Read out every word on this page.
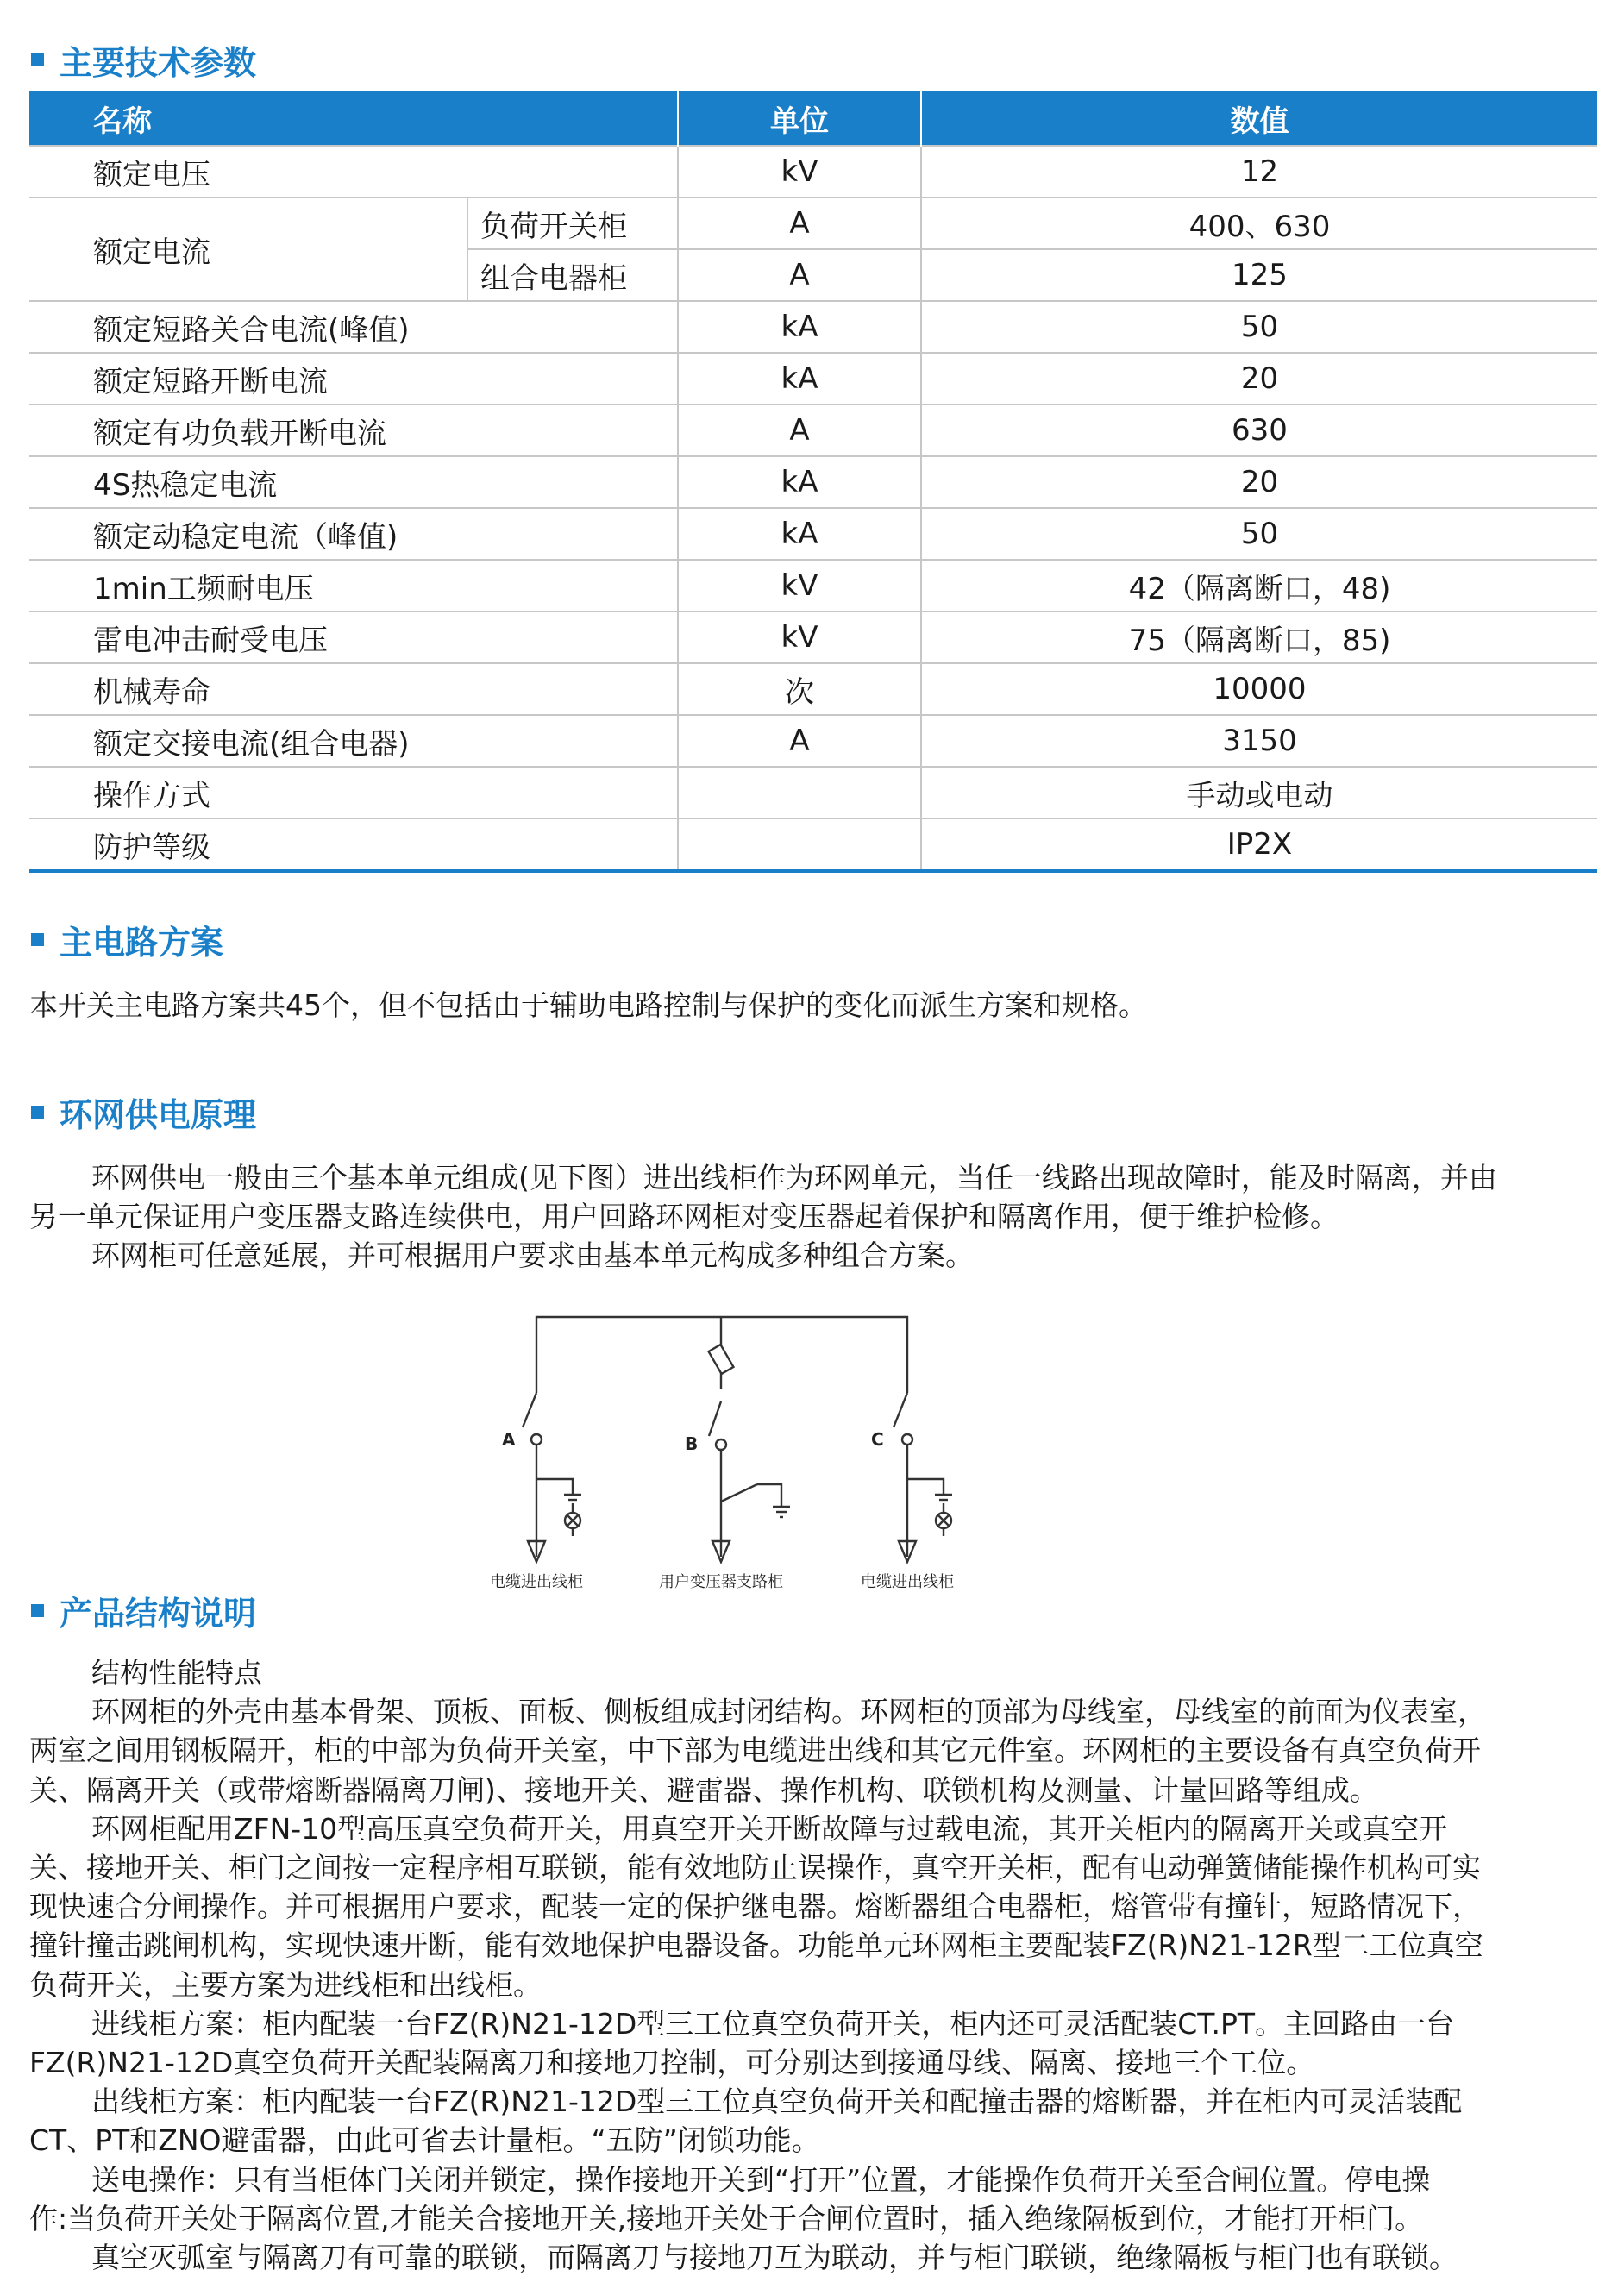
主要技术参数
名称		单位	数值
额定电压		kV	12
额定电流	负荷开关柜	A	400、630
	组合电器柜	A	125
额定短路关合电流(峰值)		kA	50
额定短路开断电流		kA	20
额定有功负载开断电流		A	630
4S热稳定电流		kA	20
额定动稳定电流（峰值)		kA	50
1min工频耐电压		kV	42（隔离断口，48)
雷电冲击耐受电压		kV	75（隔离断口，85)
机械寿命		次	10000
额定交接电流(组合电器)		A	3150
操作方式			手动或电动
防护等级			IP2X
主电路方案

本开关主电路方案共45个，但不包括由于辅助电路控制与保护的变化而派生方案和规格。

环网供电原理
环网供电一般由三个基本单元组成(见下图）进出线柜作为环网单元，当任一线路出现故障时，能及时隔离，并由
另一单元保证用户变压器支路连续供电，用户回路环网柜对变压器起着保护和隔离作用，便于维护检修。
环网柜可任意延展，并可根据用户要求由基本单元构成多种组合方案。
A	B	C
电缆进出线柜	用户变压器支路柜	电缆进出线柜
产品结构说明
结构性能特点
环网柜的外壳由基本骨架、顶板、面板、侧板组成封闭结构。环网柜的顶部为母线室，母线室的前面为仪表室，
两室之间用钢板隔开，柜的中部为负荷开关室，中下部为电缆进出线和其它元件室。环网柜的主要设备有真空负荷开
关、隔离开关（或带熔断器隔离刀闸)、接地开关、避雷器、操作机构、联锁机构及测量、计量回路等组成。
环网柜配用ZFN-10型高压真空负荷开关，用真空开关开断故障与过载电流，其开关柜内的隔离开关或真空开
关、接地开关、柜门之间按一定程序相互联锁，能有效地防止误操作，真空开关柜，配有电动弹簧储能操作机构可实
现快速合分闸操作。并可根据用户要求，配装一定的保护继电器。熔断器组合电器柜，熔管带有撞针，短路情况下，
撞针撞击跳闸机构，实现快速开断，能有效地保护电器设备。功能单元环网柜主要配装FZ(R)N21-12R型二工位真空
负荷开关，主要方案为进线柜和出线柜。
进线柜方案：柜内配装一台FZ(R)N21-12D型三工位真空负荷开关，柜内还可灵活配装CT.PT。主回路由一台
FZ(R)N21-12D真空负荷开关配装隔离刀和接地刀控制，可分别达到接通母线、隔离、接地三个工位。
出线柜方案：柜内配装一台FZ(R)N21-12D型三工位真空负荷开关和配撞击器的熔断器，并在柜内可灵活装配
CT、PT和ZNO避雷器，由此可省去计量柜。“五防”闭锁功能。
送电操作：只有当柜体门关闭并锁定，操作接地开关到“打开”位置，才能操作负荷开关至合闸位置。停电操
作:当负荷开关处于隔离位置,才能关合接地开关,接地开关处于合闸位置时，插入绝缘隔板到位，才能打开柜门。
真空灭弧室与隔离刀有可靠的联锁，而隔离刀与接地刀互为联动，并与柜门联锁，绝缘隔板与柜门也有联锁。
